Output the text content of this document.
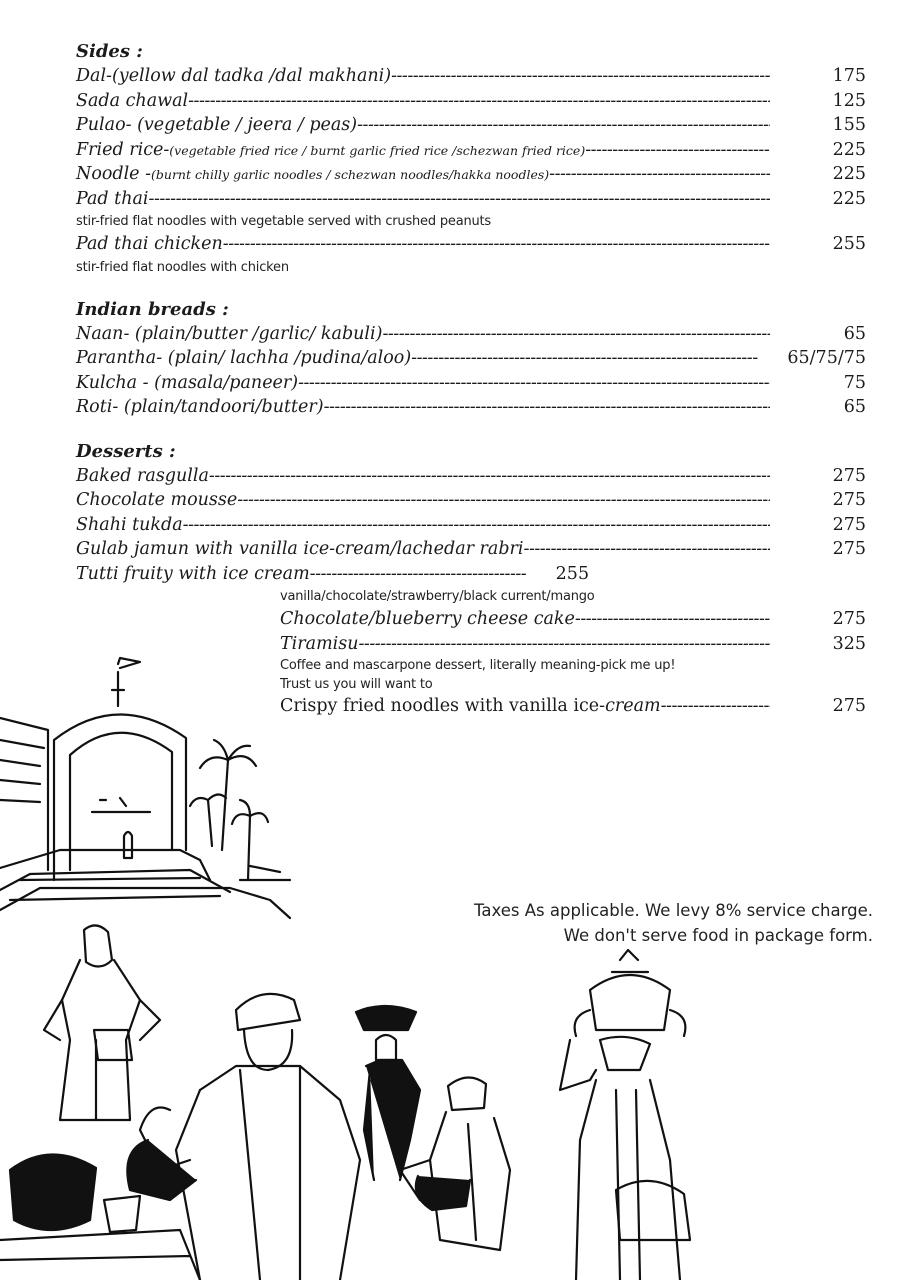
Sides :
Dal-(yellow dal tadka /dal makhani) -----	175
Sada chawal -----	125
Pulao- (vegetable / jeera / peas) -----	155
Fried rice- (vegetable fried rice / burnt garlic fried rice /schezwan fried rice) -----	225
Noodle - (burnt chilly garlic noodles / schezwan noodles/hakka noodles) -----	225
Pad thai -----	225
stir-fried flat noodles with vegetable served with crushed peanuts
Pad thai chicken -----	255
stir-fried flat noodles with chicken
Indian breads :
Naan- (plain/butter /garlic/ kabuli) -----	65
Parantha- (plain/ lachha /pudina/aloo) -----	65/75/75
Kulcha - (masala/paneer) -----	75
Roti- (plain/tandoori/butter) -----	65
Desserts :
Baked rasgulla -----	275
Chocolate mousse -----	275
Shahi tukda -----	275
Gulab jamun with vanilla ice-cream/lachedar rabri -----	275
Tutti fruity with ice cream -----	255
vanilla/chocolate/strawberry/black current/mango
Chocolate/blueberry cheese cake -----	275
Tiramisu -----	325
Coffee and mascarpone dessert, literally meaning-pick me up!
Trust us you will want to
Crispy fried noodles with vanilla ice- cream -----	275
Taxes As applicable. We levy 8% service charge.
We don't serve food in package form.
